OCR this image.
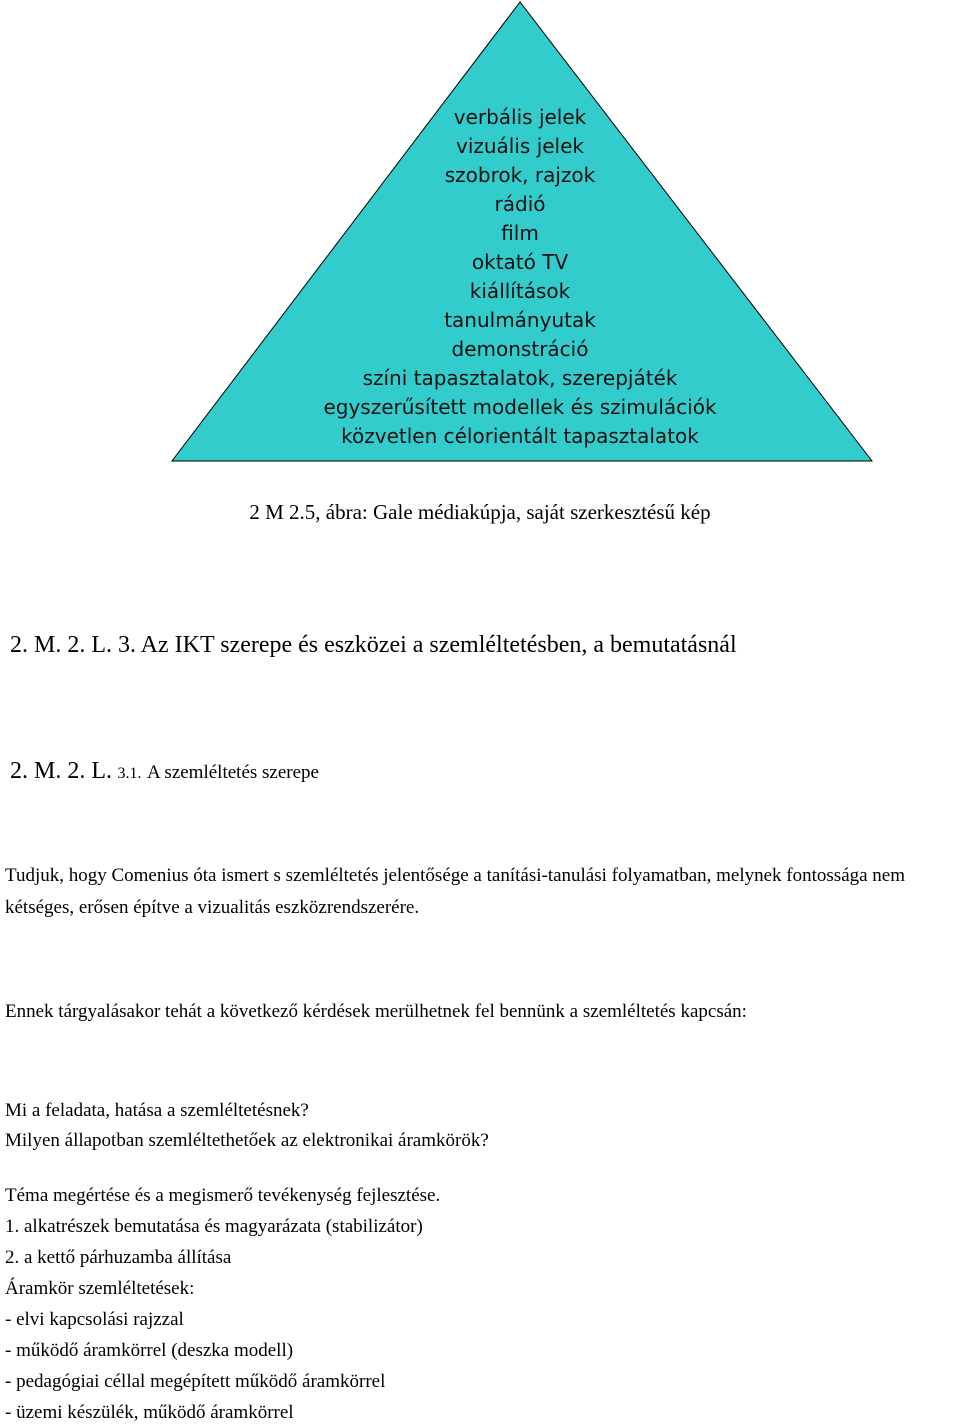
verbális jelek
vizuális jelek
szobrok, rajzok
rádió
film
oktató TV
kiállítások
tanulmányutak
demonstráció
színi tapasztalatok, szerepjáték
egyszerűsített modellek és szimulációk
közvetlen célorientált tapasztalatok
2 M 2.5, ábra: Gale médiakúpja, saját szerkesztésű kép
2. M. 2. L. 3. Az IKT szerepe és eszközei a szemléltetésben, a bemutatásnál
2. M. 2. L. 3.1. A szemléltetés szerepe
Tudjuk, hogy Comenius óta ismert s szemléltetés jelentősége a tanítási-tanulási folyamatban, melynek fontossága nem kétséges, erősen építve a vizualitás eszközrendszerére.
Ennek tárgyalásakor tehát a következő kérdések merülhetnek fel bennünk a szemléltetés kapcsán:
Mi a feladata, hatása a szemléltetésnek?
Milyen állapotban szemléltethetőek az elektronikai áramkörök?
Téma megértése és a megismerő tevékenység fejlesztése.
1. alkatrészek bemutatása és magyarázata (stabilizátor)
2. a kettő párhuzamba állítása
Áramkör szemléltetések:
- elvi kapcsolási rajzzal
- működő áramkörrel (deszka modell)
- pedagógiai céllal megépített működő áramkörrel
- üzemi készülék, működő áramkörrel
